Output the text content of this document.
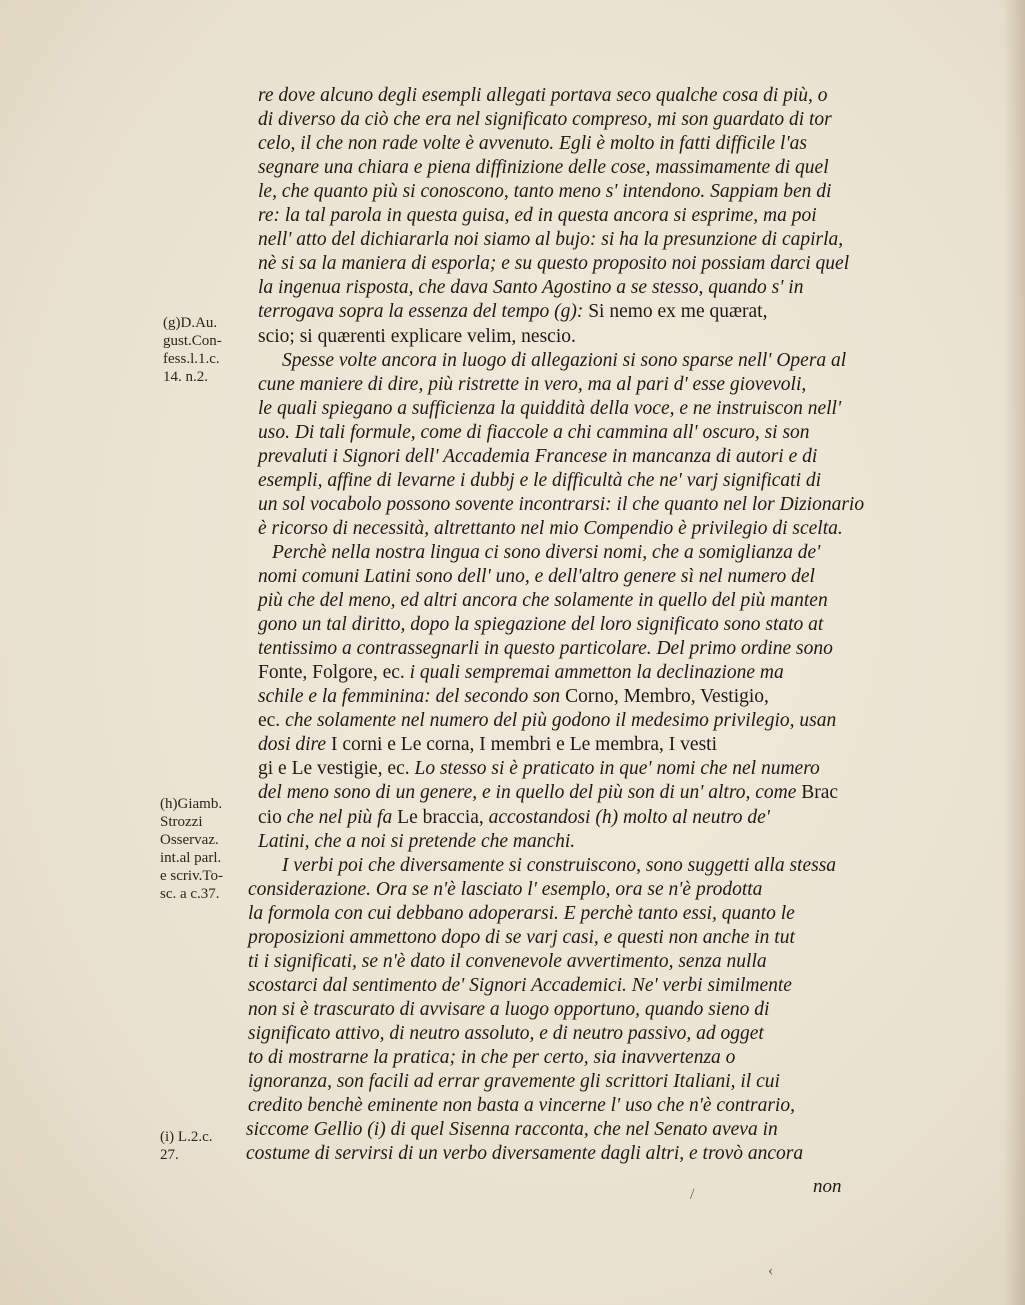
re dove alcuno degli esempli allegati portava seco qualche cosa di più, o
di diverso da ciò che era nel significato compreso, mi son guardato di tor
celo, il che non rade volte è avvenuto. Egli è molto in fatti difficile l'as
segnare una chiara e piena diffinizione delle cose, massimamente di quel
le, che quanto più si conoscono, tanto meno s' intendono. Sappiam ben di
re: la tal parola in questa guisa, ed in questa ancora si esprime, ma poi
nell' atto del dichiararla noi siamo al bujo: si ha la presunzione di capirla,
nè si sa la maniera di esporla; e su questo proposito noi possiam darci quel
la ingenua risposta, che dava Santo Agostino a se stesso, quando s' in
terrogava sopra la essenza del tempo (g): Si nemo ex me quærat,
scio; si quærenti explicare velim, nescio.
Spesse volte ancora in luogo di allegazioni si sono sparse nell' Opera al
cune maniere di dire, più ristrette in vero, ma al pari d' esse giovevoli,
le quali spiegano a sufficienza la quiddità della voce, e ne instruiscon nell'
uso. Di tali formule, come di fiaccole a chi cammina all' oscuro, si son
prevaluti i Signori dell' Accademia Francese in mancanza di autori e di
esempli, affine di levarne i dubbj e le difficultà che ne' varj significati di
un sol vocabolo possono sovente incontrarsi: il che quanto nel lor Dizionario
è ricorso di necessità, altrettanto nel mio Compendio è privilegio di scelta.
Perchè nella nostra lingua ci sono diversi nomi, che a somiglianza de'
nomi comuni Latini sono dell' uno, e dell'altro genere sì nel numero del
più che del meno, ed altri ancora che solamente in quello del più manten
gono un tal diritto, dopo la spiegazione del loro significato sono stato at
tentissimo a contrassegnarli in questo particolare. Del primo ordine sono
Fonte, Folgore, ec. i quali sempremai ammetton la declinazione ma
schile e la femminina: del secondo son Corno, Membro, Vestigio,
ec. che solamente nel numero del più godono il medesimo privilegio, usan
dosi dire I corni e Le corna, I membri e Le membra, I vesti
gi e Le vestigie, ec. Lo stesso si è praticato in que' nomi che nel numero
del meno sono di un genere, e in quello del più son di un' altro, come Brac
cio che nel più fa Le braccia, accostandosi (h) molto al neutro de'
Latini, che a noi si pretende che manchi.
I verbi poi che diversamente si construiscono, sono suggetti alla stessa
considerazione. Ora se n'è lasciato l' esemplo, ora se n'è prodotta
la formola con cui debbano adoperarsi. E perchè tanto essi, quanto le
proposizioni ammettono dopo di se varj casi, e questi non anche in tut
ti i significati, se n'è dato il convenevole avvertimento, senza nulla
scostarci dal sentimento de' Signori Accademici. Ne' verbi similmente
non si è trascurato di avvisare a luogo opportuno, quando sieno di
significato attivo, di neutro assoluto, e di neutro passivo, ad ogget
to di mostrarne la pratica; in che per certo, sia inavvertenza o
ignoranza, son facili ad errar gravemente gli scrittori Italiani, il cui
credito benchè eminente non basta a vincerne l' uso che n'è contrario,
siccome Gellio (i) di quel Sisenna racconta, che nel Senato aveva in
costume di servirsi di un verbo diversamente dagli altri, e trovò ancora
(g)D.Au.
gust.Con-
fess.l.1.c.
14. n.2.
(h)Giamb.
Strozzi
Osservaz.
int.al parl.
e scriv.To-
sc. a c.37.
(i) L.2.c.
27.
non
‹
/
